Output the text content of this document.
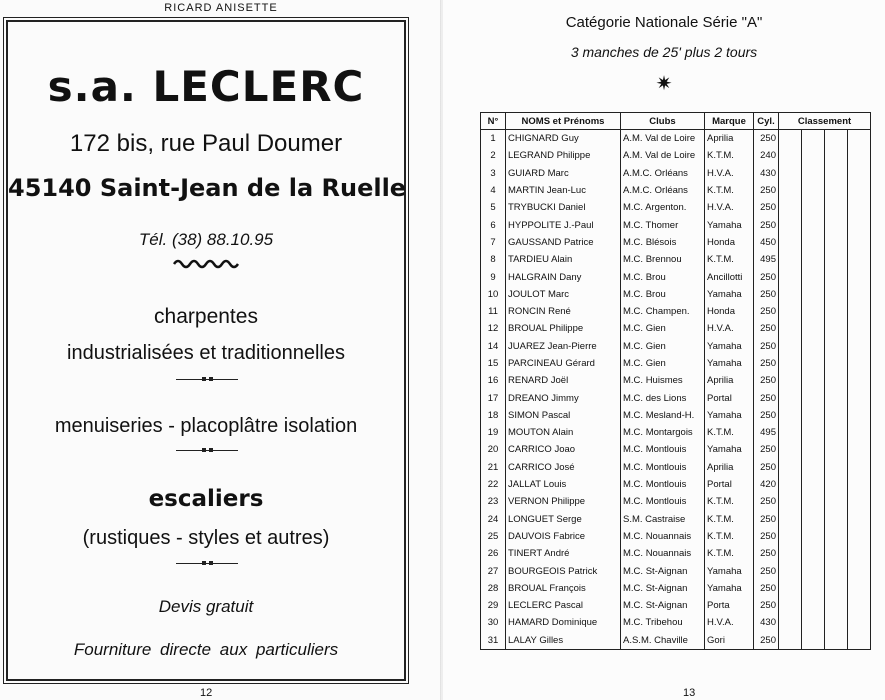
RICARD ANISETTE
s.a. LECLERC
172 bis, rue Paul Doumer
45140 Saint-Jean de la Ruelle
Tél. (38) 88.10.95
charpentes
industrialisées et traditionnelles
menuiseries - placoplâtre isolation
escaliers
(rustiques - styles et autres)
Devis gratuit
Fourniture directe aux particuliers
12
Catégorie Nationale Série "A"
3 manches de 25' plus 2 tours
✷
N°	NOMS et Prénoms	Clubs	Marque	Cyl.	Classement			
1	CHIGNARD Guy	A.M. Val de Loire	Aprilia	250				
2	LEGRAND Philippe	A.M. Val de Loire	K.T.M.	240				
3	GUIARD Marc	A.M.C. Orléans	H.V.A.	430				
4	MARTIN Jean-Luc	A.M.C. Orléans	K.T.M.	250				
5	TRYBUCKI Daniel	M.C. Argenton.	H.V.A.	250				
6	HYPPOLITE J.-Paul	M.C. Thomer	Yamaha	250				
7	GAUSSAND Patrice	M.C. Blésois	Honda	450				
8	TARDIEU Alain	M.C. Brennou	K.T.M.	495				
9	HALGRAIN Dany	M.C. Brou	Ancillotti	250				
10	JOULOT Marc	M.C. Brou	Yamaha	250				
11	RONCIN René	M.C. Champen.	Honda	250				
12	BROUAL Philippe	M.C. Gien	H.V.A.	250				
14	JUAREZ Jean-Pierre	M.C. Gien	Yamaha	250				
15	PARCINEAU Gérard	M.C. Gien	Yamaha	250				
16	RENARD Joël	M.C. Huismes	Aprilia	250				
17	DREANO Jimmy	M.C. des Lions	Portal	250				
18	SIMON Pascal	M.C. Mesland-H.	Yamaha	250				
19	MOUTON Alain	M.C. Montargois	K.T.M.	495				
20	CARRICO Joao	M.C. Montlouis	Yamaha	250				
21	CARRICO José	M.C. Montlouis	Aprilia	250				
22	JALLAT Louis	M.C. Montlouis	Portal	420				
23	VERNON Philippe	M.C. Montlouis	K.T.M.	250				
24	LONGUET Serge	S.M. Castraise	K.T.M.	250				
25	DAUVOIS Fabrice	M.C. Nouannais	K.T.M.	250				
26	TINERT André	M.C. Nouannais	K.T.M.	250				
27	BOURGEOIS Patrick	M.C. St-Aignan	Yamaha	250				
28	BROUAL François	M.C. St-Aignan	Yamaha	250				
29	LECLERC Pascal	M.C. St-Aignan	Porta	250				
30	HAMARD Dominique	M.C. Tribehou	H.V.A.	430				
31	LALAY Gilles	A.S.M. Chaville	Gori	250				
13
